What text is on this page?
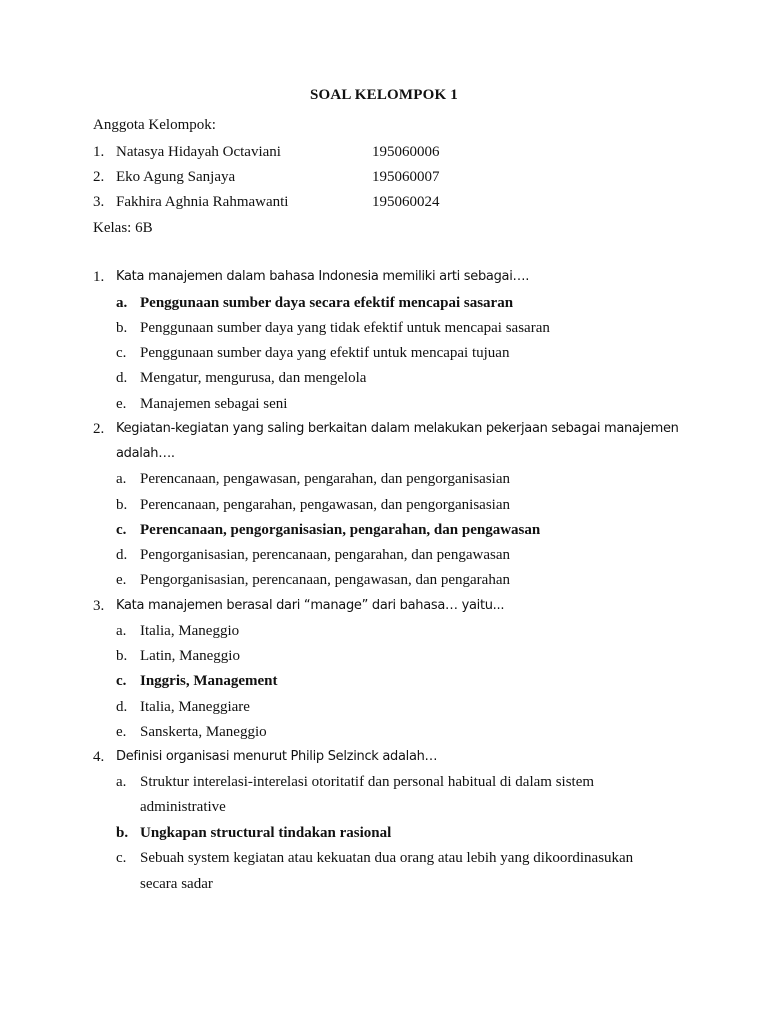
SOAL KELOMPOK 1
Anggota Kelompok:
1. Natasya Hidayah Octaviani	195060006
2. Eko Agung Sanjaya	195060007
3. Fakhira Aghnia Rahmawanti	195060024
Kelas: 6B
1. Kata manajemen dalam bahasa Indonesia memiliki arti sebagai….
a. Penggunaan sumber daya secara efektif mencapai sasaran
b. Penggunaan sumber daya yang tidak efektif untuk mencapai sasaran
c. Penggunaan sumber daya yang efektif untuk mencapai tujuan
d. Mengatur, mengurusa, dan mengelola
e. Manajemen sebagai seni
2. Kegiatan-kegiatan yang saling berkaitan dalam melakukan pekerjaan sebagai manajemen
adalah….
a. Perencanaan, pengawasan, pengarahan, dan pengorganisasian
b. Perencanaan, pengarahan, pengawasan, dan pengorganisasian
c. Perencanaan, pengorganisasian, pengarahan, dan pengawasan
d. Pengorganisasian, perencanaan, pengarahan, dan pengawasan
e. Pengorganisasian, perencanaan, pengawasan, dan pengarahan
3. Kata manajemen berasal dari “manage” dari bahasa… yaitu...
a. Italia, Maneggio
b. Latin, Maneggio
c. Inggris, Management
d. Italia, Maneggiare
e. Sanskerta, Maneggio
4. Definisi organisasi menurut Philip Selzinck adalah…
a. Struktur interelasi-interelasi otoritatif dan personal habitual di dalam sistem
administrative
b. Ungkapan structural tindakan rasional
c. Sebuah system kegiatan atau kekuatan dua orang atau lebih yang dikoordinasukan
secara sadar
